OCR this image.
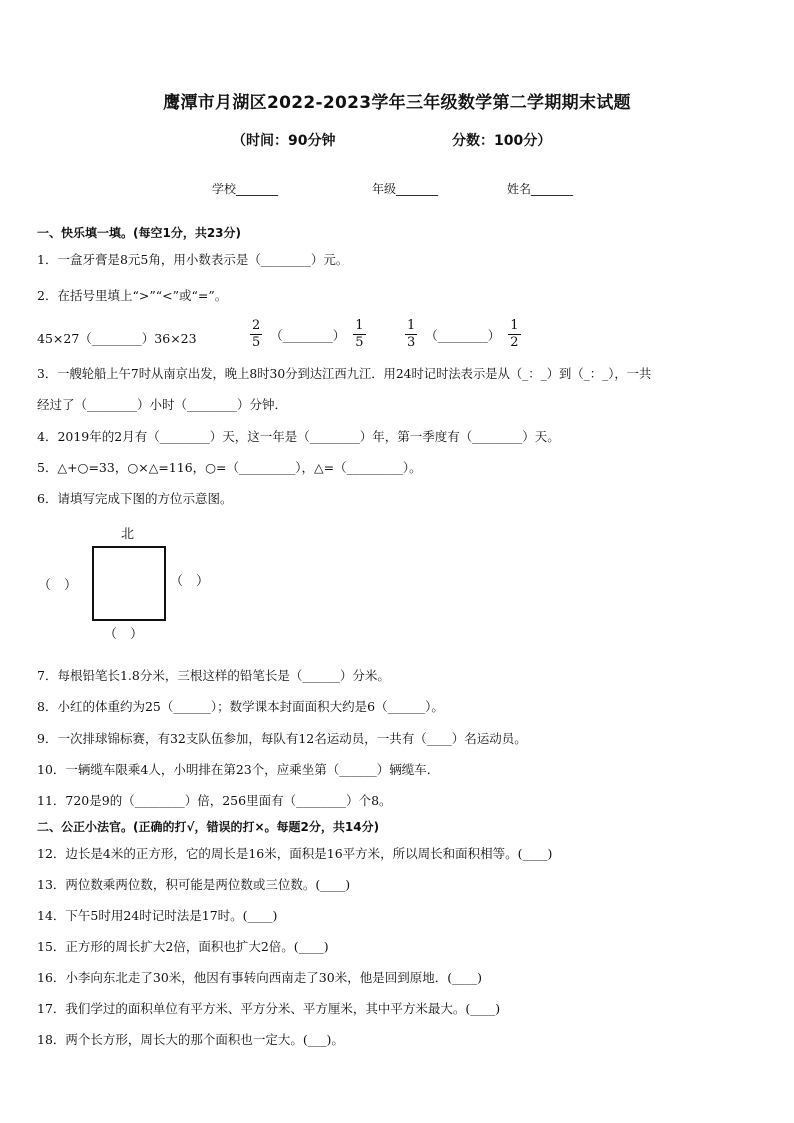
鹰潭市月湖区2022-2023学年三年级数学第二学期期末试题
（时间：90分钟	分数：100分）
学校_______	年级_______	姓名_______
一、快乐填一填。(每空1分，共23分)
1．一盒牙膏是8元5角，用小数表示是（________）元。
2．在括号里填上“>”“<”或“=”。
45×27（________）36×23	$\frac{2}{5}$ （________） $\frac{1}{5}$	$\frac{1}{3}$ （________） $\frac{1}{2}$
3．一艘轮船上午7时从南京出发，晚上8时30分到达江西九江．用24时记时法表示是从（_：_）到（_：_），一共
经过了（________）小时（________）分钟．
4．2019年的2月有（________）天，这一年是（________）年，第一季度有（________）天。
5．△+○=33，○×△=116，○=（_________），△=（_________）。
6．请填写完成下图的方位示意图。
北
（　）	（　）
（　）
7．每根铅笔长1.8分米，三根这样的铅笔长是（______）分米。
8．小红的体重约为25（______）；数学课本封面面积大约是6（______）。
9．一次排球锦标赛，有32支队伍参加，每队有12名运动员，一共有（____）名运动员。
10．一辆缆车限乘4人，小明排在第23个，应乘坐第（______）辆缆车．
11．720是9的（________）倍，256里面有（________）个8。
二、公正小法官。(正确的打√，错误的打×。每题2分，共14分)
12．边长是4米的正方形，它的周长是16米，面积是16平方米，所以周长和面积相等。(____)
13．两位数乘两位数，积可能是两位数或三位数。(____)
14．下午5时用24时记时法是17时。(____)
15．正方形的周长扩大2倍，面积也扩大2倍。(____)
16．小李向东北走了30米，他因有事转向西南走了30米，他是回到原地．(____)
17．我们学过的面积单位有平方米、平方分米、平方厘米，其中平方米最大。(____)
18．两个长方形，周长大的那个面积也一定大。(___)。
